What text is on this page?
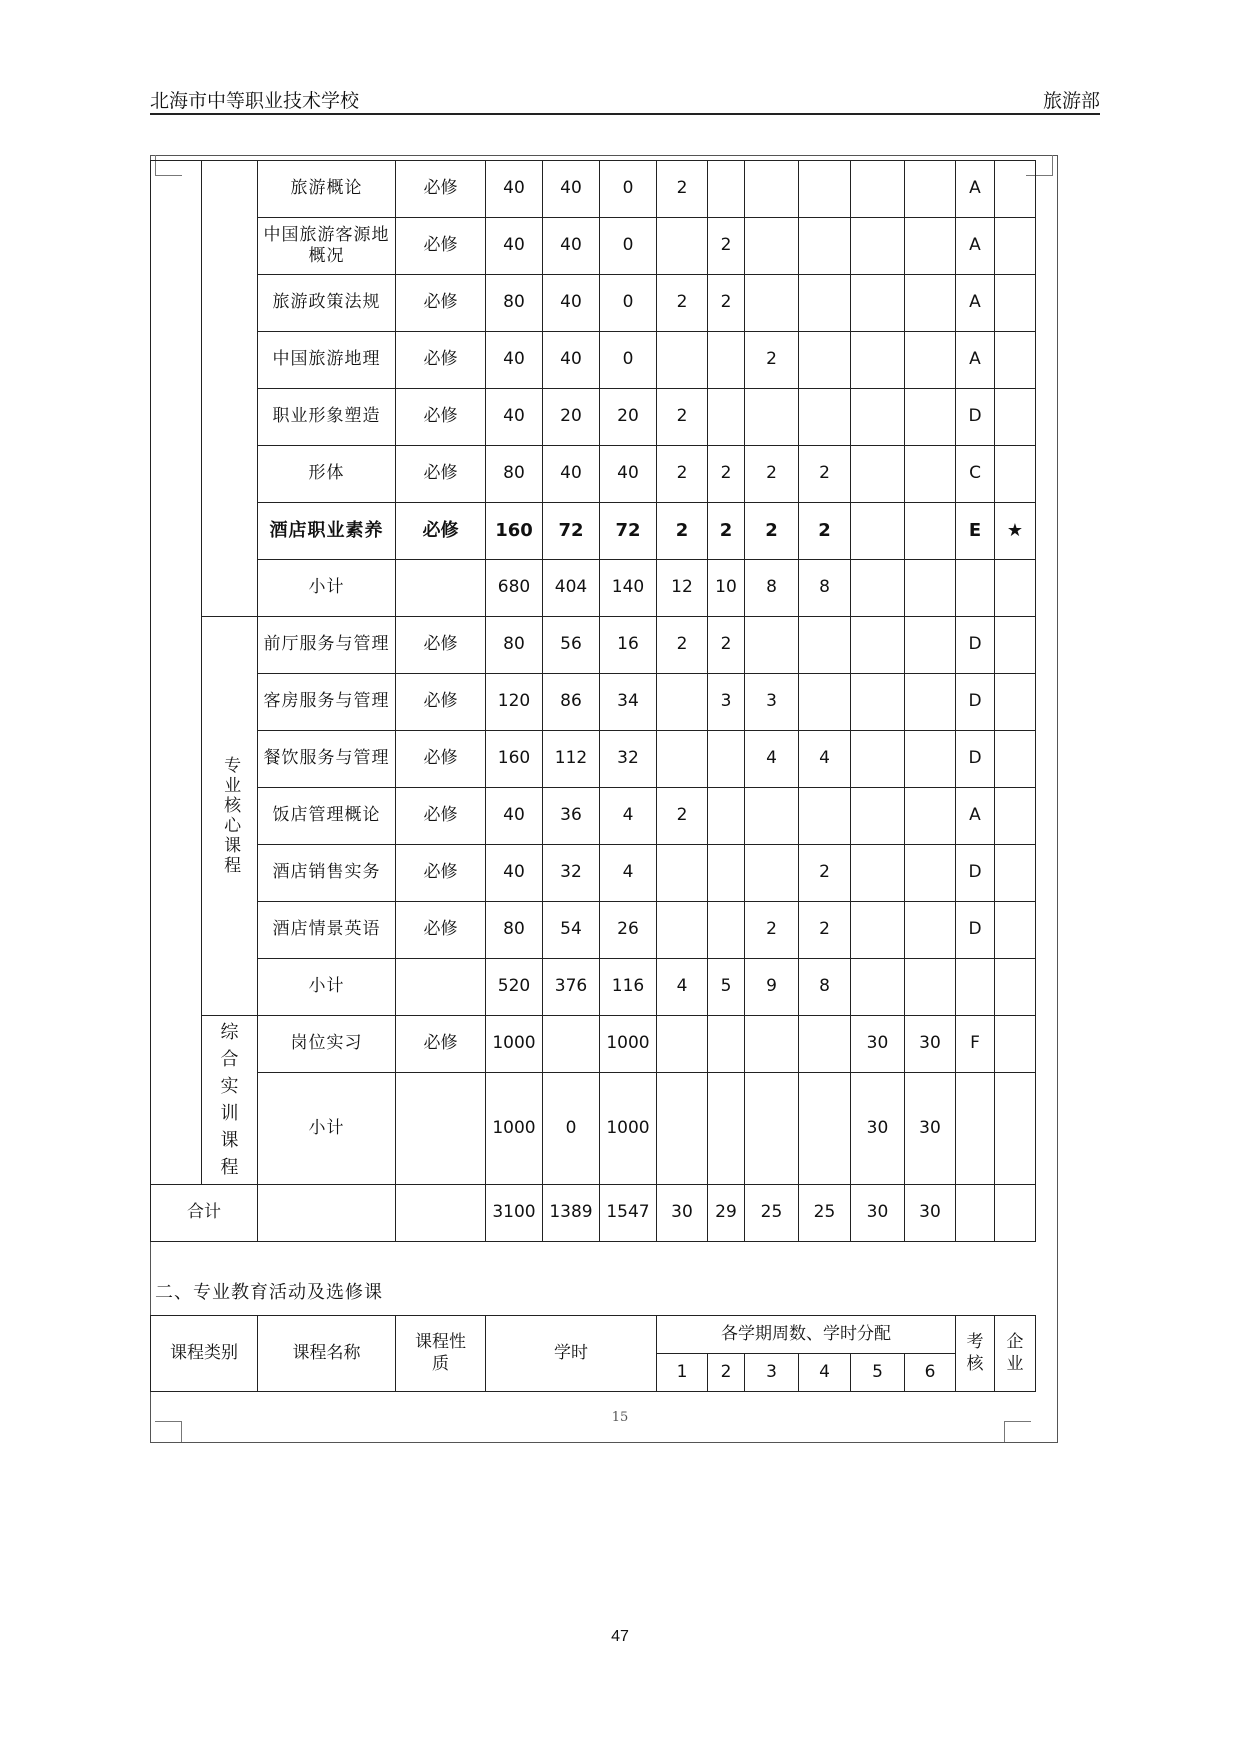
北海市中等职业技术学校	旅游部
		旅游概论	必修	40	40	0	2						A	
		中国旅游客源地概况	必修	40	40	0		2					A	
		旅游政策法规	必修	80	40	0	2	2					A	
		中国旅游地理	必修	40	40	0			2				A	
		职业形象塑造	必修	40	20	20	2						D	
		形体	必修	80	40	40	2	2	2	2			C	
		酒店职业素养	必修	160	72	72	2	2	2	2			E	★
		小计		680	404	140	12	10	8	8				

	专业核心课程	前厅服务与管理	必修	80	56	16	2	2					D	
		客房服务与管理	必修	120	86	34		3	3				D	
		餐饮服务与管理	必修	160	112	32			4	4			D	
		饭店管理概论	必修	40	36	4	2						A	
		酒店销售实务	必修	40	32	4				2			D	
		酒店情景英语	必修	80	54	26			2	2			D	
		小计		520	376	116	4	5	9	8				

	综合实训课程	岗位实习	必修	1000		1000					30	30	F	
		小计		1000	0	1000					30	30		
合计				3100	1389	1547	30	29	25	25	30	30		
二、专业教育活动及选修课
课程类别	课程名称	课程性质	学时	各学期周数、学时分配						考核	企业

				1	2	3	4	5	6		
15
47
